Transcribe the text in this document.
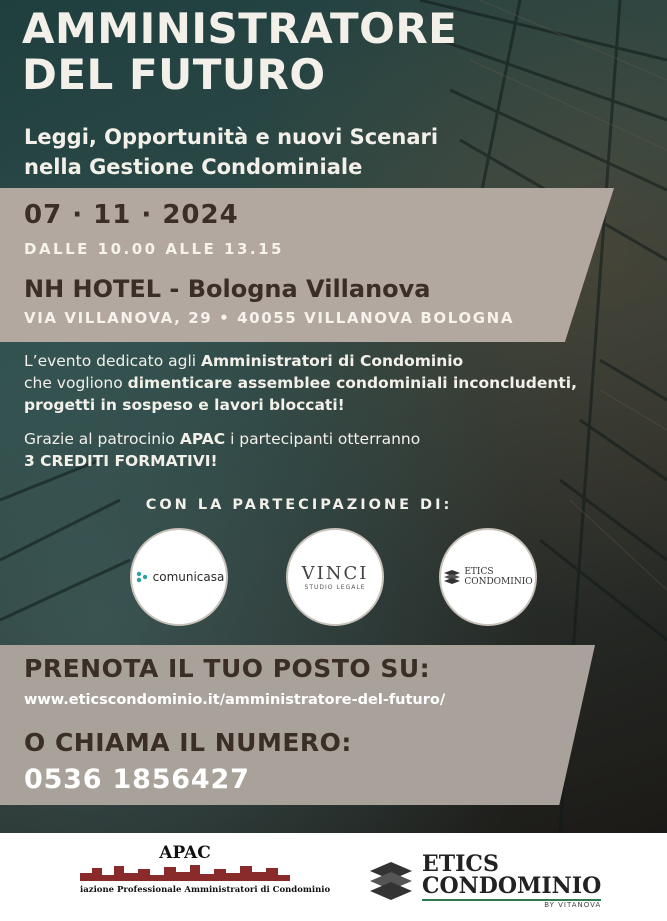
AMMINISTRATORE
DEL FUTURO
Leggi, Opportunità e nuovi Scenari
nella Gestione Condominiale
07 · 11 · 2024
DALLE 10.00 ALLE 13.15
NH HOTEL - Bologna Villanova
VIA VILLANOVA, 29 • 40055 VILLANOVA BOLOGNA
L’evento dedicato agli Amministratori di Condominio
che vogliono dimenticare assemblee condominiali inconcludenti,
progetti in sospeso e lavori bloccati!
Grazie al patrocinio APAC i partecipanti otterranno
3 CREDITI FORMATIVI!
CON LA PARTECIPAZIONE DI:
comunicasa	VINCI
STUDIO LEGALE
ETICS
CONDOMINIO
PRENOTA IL TUO POSTO SU:
www.eticscondominio.it/amministratore-del-futuro/
O CHIAMA IL NUMERO:
0536 1856427
APAC
iazione Professionale Amministratori di Condominio
ETICS
CONDOMINIO
BY VITANOVA
